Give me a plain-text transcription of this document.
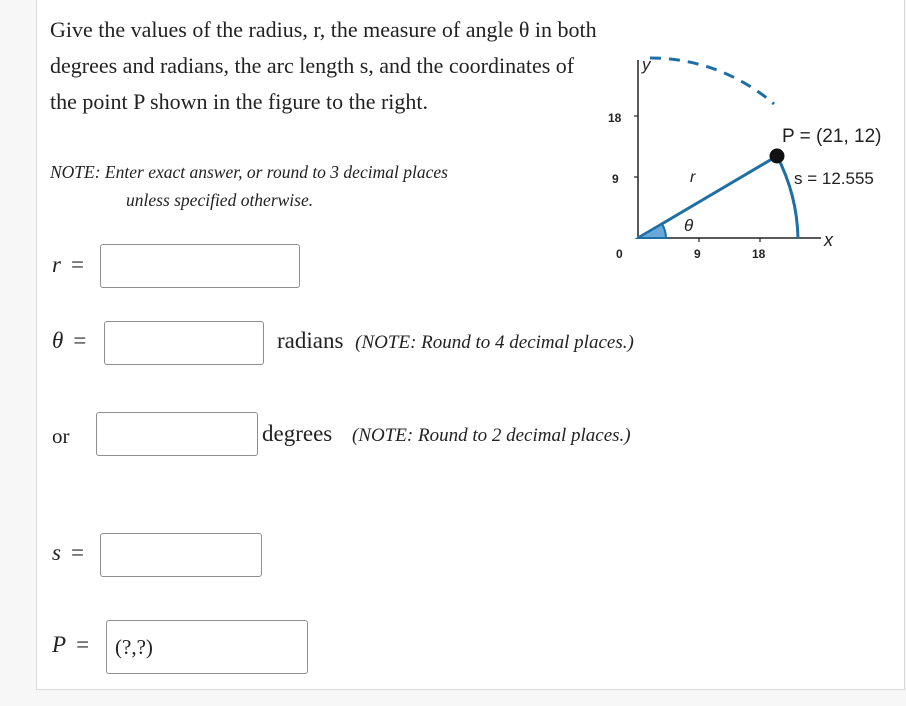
Give the values of the radius, r, the measure of angle θ in both degrees and radians, the arc length s, and the coordinates of the point P shown in the figure to the right.
NOTE: Enter exact answer, or round to 3 decimal places
unless specified otherwise.
y
18
9
0	9	18
r
θ
P = (21, 12)
s = 12.555
x
r =
θ =	radians (NOTE: Round to 4 decimal places.)
or	degrees (NOTE: Round to 2 decimal places.)
s =
P =
(?,?)
